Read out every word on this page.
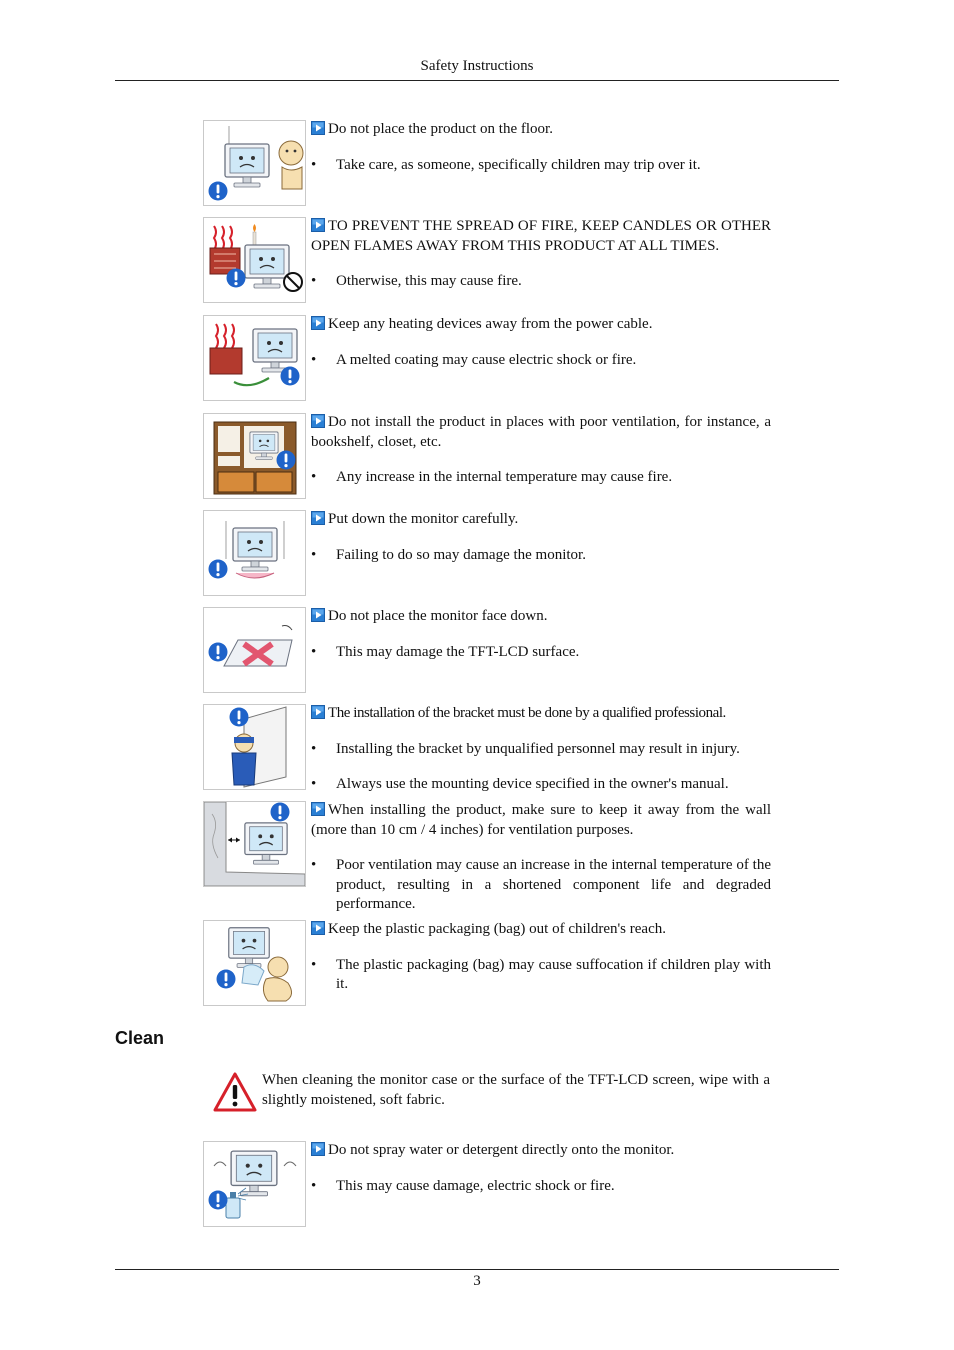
Safety Instructions

Do not place the product on the floor.

• Take care, as someone, specifically children may trip over it.

TO PREVENT THE SPREAD OF FIRE, KEEP CANDLES OR OTHER OPEN FLAMES AWAY FROM THIS PRODUCT AT ALL TIMES.

• Otherwise, this may cause fire.

Keep any heating devices away from the power cable.

• A melted coating may cause electric shock or fire.

Do not install the product in places with poor ventilation, for instance, a bookshelf, closet, etc.

• Any increase in the internal temperature may cause fire.

Put down the monitor carefully.

• Failing to do so may damage the monitor.

Do not place the monitor face down.

• This may damage the TFT-LCD surface.

The installation of the bracket must be done by a qualified professional.

• Installing the bracket by unqualified personnel may result in injury.

• Always use the mounting device specified in the owner's manual.

When installing the product, make sure to keep it away from the wall (more than 10 cm / 4 inches) for ventilation purposes.

• Poor ventilation may cause an increase in the internal temperature of the product, resulting in a shortened component life and degraded performance.

Keep the plastic packaging (bag) out of children's reach.

• The plastic packaging (bag) may cause suffocation if children play with it.

Clean
When cleaning the monitor case or the surface of the TFT-LCD screen, wipe with a slightly moistened, soft fabric.

Do not spray water or detergent directly onto the monitor.

• This may cause damage, electric shock or fire.

3
